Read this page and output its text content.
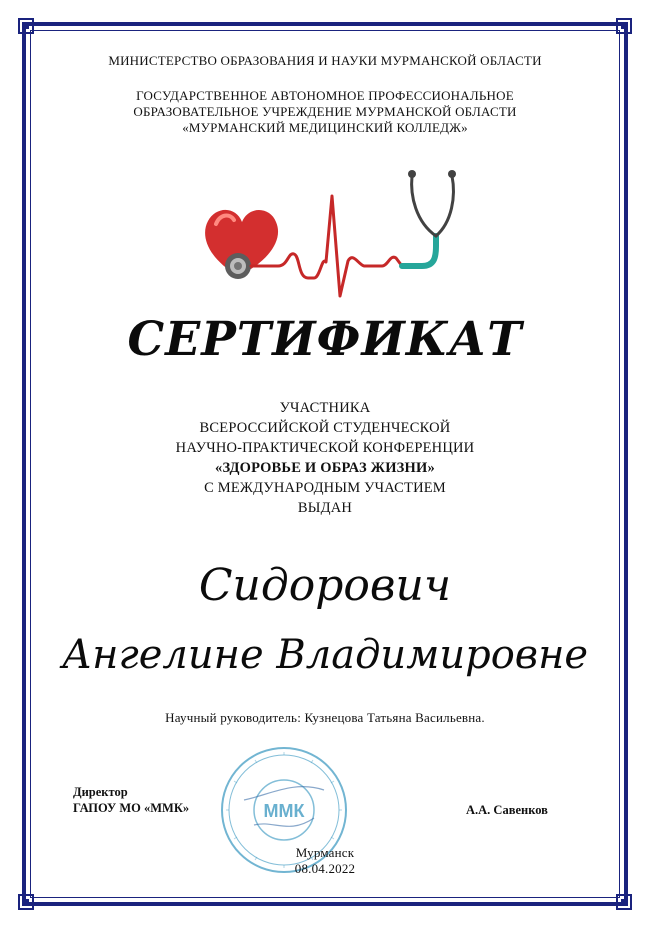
МИНИСТЕРСТВО ОБРАЗОВАНИЯ И НАУКИ МУРМАНСКОЙ ОБЛАСТИ
ГОСУДАРСТВЕННОЕ АВТОНОМНОЕ ПРОФЕССИОНАЛЬНОЕ
ОБРАЗОВАТЕЛЬНОЕ УЧРЕЖДЕНИЕ МУРМАНСКОЙ ОБЛАСТИ
«МУРМАНСКИЙ МЕДИЦИНСКИЙ КОЛЛЕДЖ»
СЕРТИФИКАТ
УЧАСТНИКА
ВСЕРОССИЙСКОЙ СТУДЕНЧЕСКОЙ
НАУЧНО-ПРАКТИЧЕСКОЙ КОНФЕРЕНЦИИ
«ЗДОРОВЬЕ И ОБРАЗ ЖИЗНИ»
С МЕЖДУНАРОДНЫМ УЧАСТИЕМ
ВЫДАН
Сидорович
Ангелине Владимировне
Научный руководитель: Кузнецова Татьяна Васильевна.
Директор
ГАПОУ МО «ММК»	ММК	А.А. Савенков
Мурманск
08.04.2022
